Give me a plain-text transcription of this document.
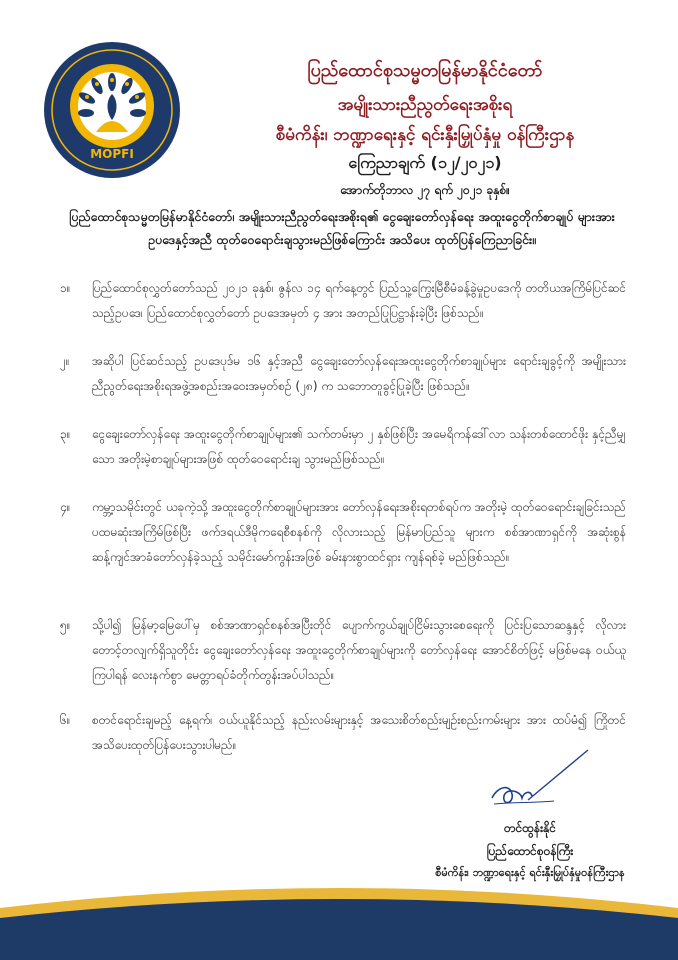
MOPFI
ပြည်ထောင်စုသမ္မတမြန်မာနိုင်ငံတော်
အမျိုးသားညီညွတ်ရေးအစိုးရ
စီမံကိန်း၊ ဘဏ္ဍာရေးနှင့် ရင်းနှီးမြှုပ်နှံမှု ဝန်ကြီးဌာန
ကြေညာချက် (၁၂/၂၀၂၁)
အောက်တိုဘာလ ၂၇ ရက် ၂၀၂၁ ခုနှစ်။
ပြည်ထောင်စုသမ္မတမြန်မာနိုင်ငံတော်၊ အမျိုးသားညီညွတ်ရေးအစိုးရ၏ ငွေချေးတော်လှန်ရေး အထူးငွေတိုက်စာချုပ် များအား ဥပဒေနှင့်အညီ ထုတ်ဝေရောင်းချသွားမည်ဖြစ်ကြောင်း အသိပေး ထုတ်ပြန်ကြေညာခြင်း။
၁။	ပြည်ထောင်စုလွှတ်တော်သည် ၂၀၂၁ ခုနှစ်၊ ဇွန်လ ၁၄ ရက်နေ့တွင် ပြည်သူ့ကြွေးမြီစီမံခန့်ခွဲမှုဥပဒေကို တတိယအကြိမ်ပြင်ဆင်သည့်ဥပဒေ၊ ပြည်ထောင်စုလွှတ်တော် ဥပဒေအမှတ် ၄ အား အတည်ပြုပြဋ္ဌာန်းခဲ့ပြီး ဖြစ်သည်။
၂။	အဆိုပါ ပြင်ဆင်သည့် ဥပဒေပုဒ်မ ၁၆ နှင့်အညီ ငွေချေးတော်လှန်ရေးအထူးငွေတိုက်စာချုပ်များ ရောင်းချခွင့်ကို အမျိုးသားညီညွတ်ရေးအစိုးရအဖွဲ့အစည်းအဝေးအမှတ်စဉ် (၂၈) က သဘောတူခွင့်ပြုခဲ့ပြီး ဖြစ်သည်။
၃။	ငွေချေးတော်လှန်ရေး အထူးငွေတိုက်စာချုပ်များ၏ သက်တမ်းမှာ ၂ နှစ်ဖြစ်ပြီး အမေရိကန်ဒေါ်လာ သန်းတစ်ထောင်ဖိုး နှင့်ညီမျှသော အတိုးမဲ့စာချုပ်များအဖြစ် ထုတ်ဝေရောင်းချ သွားမည်ဖြစ်သည်။
၄။	ကမ္ဘာ့သမိုင်းတွင် ယခုကဲ့သို့ အထူးငွေတိုက်စာချုပ်များအား တော်လှန်ရေးအစိုးရတစ်ရပ်က အတိုးမဲ့ ထုတ်ဝေရောင်းချခြင်းသည် ပထမဆုံးအကြိမ်ဖြစ်ပြီး ဖက်ဒရယ်ဒီမိုကရေစီစနစ်ကို လိုလားသည့် မြန်မာပြည်သူ များက စစ်အာဏာရှင်ကို အဆုံးစွန် ဆန့်ကျင်အာခံတော်လှန်ခဲ့သည့် သမိုင်းမော်ကွန်းအဖြစ် ခမ်းနားစွာထင်ရှား ကျန်ရစ်ခဲ့ မည်ဖြစ်သည်။
၅။	သို့ပါ၍ မြန်မာ့မြေပေါ်မှ စစ်အာဏာရှင်စနစ်အပြီးတိုင် ပျောက်ကွယ်ချုပ်ငြိမ်းသွားစေရေးကို ပြင်းပြသောဆန္ဒနှင့် လိုလားတောင့်တလျက်ရှိသူတိုင်း ငွေချေးတော်လှန်ရေး အထူးငွေတိုက်စာချုပ်များကို တော်လှန်ရေး အောင်စိတ်ဖြင့် မဖြစ်မနေ ဝယ်ယူကြပါရန် လေးနက်စွာ မေတ္တာရပ်ခံတိုက်တွန်းအပ်ပါသည်။
၆။	စတင်ရောင်းချမည့် နေ့ရက်၊ ဝယ်ယူနိုင်သည့် နည်းလမ်းများနှင့် အသေးစိတ်စည်းမျဉ်းစည်းကမ်းများ အား ထပ်မံ၍ ကြိုတင်အသိပေးထုတ်ပြန်ပေးသွားပါမည်။
တင်ထွန်းနိုင်
ပြည်ထောင်စုဝန်ကြီး
စီမံကိန်း၊ ဘဏ္ဍာရေးနှင့် ရင်းနှီးမြှုပ်နှံမှုဝန်ကြီးဌာန
